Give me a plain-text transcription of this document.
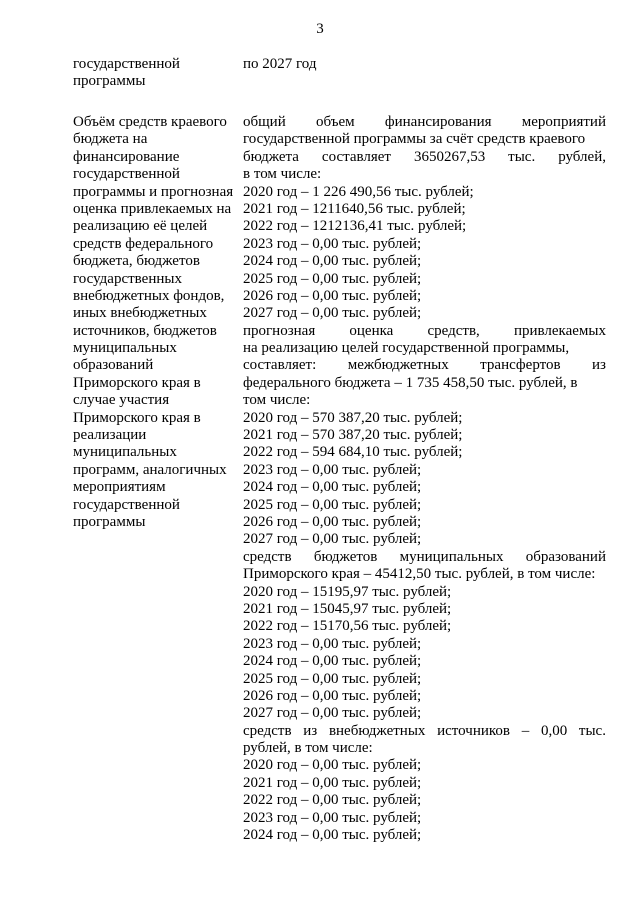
3
государственной
программы
по 2027 год
Объём средств краевого
бюджета на
финансирование
государственной
программы и прогнозная
оценка привлекаемых на
реализацию её целей
средств федерального
бюджета, бюджетов
государственных
внебюджетных фондов,
иных внебюджетных
источников, бюджетов
муниципальных
образований
Приморского края в
случае участия
Приморского края в
реализации
муниципальных
программ, аналогичных
мероприятиям
государственной
программы
общий объем финансирования мероприятий
государственной программы за счёт средств краевого
бюджета составляет 3650267,53 тыс. рублей,
в том числе:
2020 год – 1 226 490,56 тыс. рублей;
2021 год – 1211640,56 тыс. рублей;
2022 год – 1212136,41 тыс. рублей;
2023 год – 0,00 тыс. рублей;
2024 год – 0,00 тыс. рублей;
2025 год – 0,00 тыс. рублей;
2026 год – 0,00 тыс. рублей;
2027 год – 0,00 тыс. рублей;
прогнозная оценка средств, привлекаемых
на реализацию целей государственной программы,
составляет: межбюджетных трансфертов из
федерального бюджета – 1 735 458,50 тыс. рублей, в
том числе:
2020 год – 570 387,20 тыс. рублей;
2021 год – 570 387,20 тыс. рублей;
2022 год – 594 684,10 тыс. рублей;
2023 год – 0,00 тыс. рублей;
2024 год – 0,00 тыс. рублей;
2025 год – 0,00 тыс. рублей;
2026 год – 0,00 тыс. рублей;
2027 год – 0,00 тыс. рублей;
средств бюджетов муниципальных образований
Приморского края – 45412,50 тыс. рублей, в том числе:
2020 год – 15195,97 тыс. рублей;
2021 год – 15045,97 тыс. рублей;
2022 год – 15170,56 тыс. рублей;
2023 год – 0,00 тыс. рублей;
2024 год – 0,00 тыс. рублей;
2025 год – 0,00 тыс. рублей;
2026 год – 0,00 тыс. рублей;
2027 год – 0,00 тыс. рублей;
средств из внебюджетных источников – 0,00 тыс.
рублей, в том числе:
2020 год – 0,00 тыс. рублей;
2021 год – 0,00 тыс. рублей;
2022 год – 0,00 тыс. рублей;
2023 год – 0,00 тыс. рублей;
2024 год – 0,00 тыс. рублей;
